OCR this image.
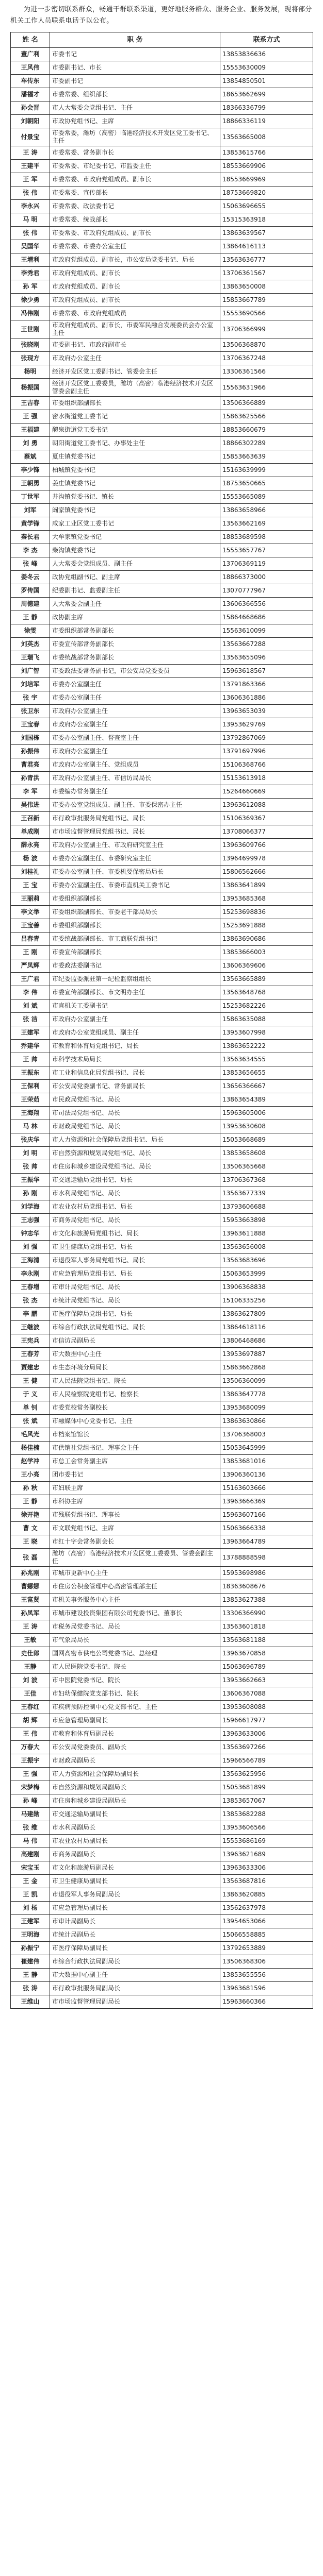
为进一步密切联系群众，畅通干群联系渠道，更好地服务群众、服务企业、服务发展，现将部分机关工作人员联系电话予以公布。

姓 名	职 务	联系方式
董广利	市委书记	13853836636
王风伟	市委副书记、市长	15553630009
车传东	市委副书记	13854850501
潘福才	市委常委、组织部长	18653662699
孙会晋	市人大常委会党组书记、主任	18366336799
刘朝阳	市政协党组书记、主席	18866336119
付景宝	市委常委，潍坊（高密）临港经济技术开发区党工委书记、主任	13563665008
王 涛	市委常委、常务副市长	13853615766
王建平	市委常委、市纪委书记、市监委主任	18553669906
王 军	市委常委、市政府党组成员、副市长	18553669969
张 伟	市委常委、宣传部长	18753669820
李永兴	市委常委、政法委书记	15063696655
马 明	市委常委、统战部长	15315363918
张 伟	市委常委、市政府党组成员、副市长	13863639567
吴国华	市委常委、市委办公室主任	13864616113
王增利	市政府党组成员、副市长，市公安局党委书记、局长	13563636777
李秀君	市政府党组成员、副市长	13706361567
孙 军	市政府党组成员、副市长	13863650008
徐少勇	市政府党组成员、副市长	15853667789
冯伟刚	市委常委、市政府党组成员	15553690566
王世刚	市政府党组成员、副市长，市委军民融合发展委员会办公室主任	13706366999
张晓刚	市委副书记、市政府副市长	13506368870
张现方	市政府办公室主任	13706367248
杨明	经济开发区党工委副书记、管委会主任	13306361566
杨振国	经济开发区党工委委员，潍坊（高密）临港经济技术开发区管委会副主任	15563631966
王吉春	市委组织部副部长	13506366889
王 强	密水街道党工委书记	15863625566
王福建	醴泉街道党工委书记	18853660679
刘 勇	朝阳街道党工委书记、办事处主任	18866302289
蔡斌	夏庄镇党委书记	15853663639
李少锋	柏城镇党委书记	15163639999
王朝勇	姜庄镇党委书记	18753650665
丁世军	井沟镇党委书记、镇长	15553665089
刘军	阚家镇党委书记	13863658966
黄学锋	咸家工业区党工委书记	13563662169
秦长君	大牟家镇党委书记	18853689598
李 杰	柴沟镇党委书记	15553657767
张 峰	人大常委会党组成员、副主任	13706369119
姜冬云	政协党组副书记、副主席	18866373000
罗传国	纪委副书记、监委副主任	13070777967
周德建	人大常委会副主任	13606366556
王 静	政协副主席	15864668686
徐雯	市委组织部常务副部长	15563610099
刘英杰	市委宣传部常务副部长	13563667288
王瑞飞	市委统战部常务副部长	13563655096
刘广智	市委政法委常务副书记，市公安局党委委员	15963618567
刘培军	市委办公室副主任	13791863366
张 宇	市委办公室副主任	13606361886
张卫东	市政府办公室副主任	13963653039
王宝春	市政府办公室副主任	13953629769
刘国栋	市委办公室副主任、督查室主任	13792867069
孙振伟	市政府办公室副主任	13791697996
曹君亮	市政府办公室副主任、党组成员	15106368766
孙青洪	市政府办公室副主任、市信访局局长	15153613918
李 军	市委编办常务副主任	15264660669
吴伟进	市委办公室党组成员、副主任、市委保密办主任	13963612088
王召新	市行政审批服务局党组书记、局长	15106369367
单成刚	市市场监督管理局党组书记、局长	13708066377
薛永亮	市政府办公室副主任、市政府研究室主任	13963609766
杨 波	市委办公室副主任、市委研究室主任	13964699978
刘桂礼	市委办公室副主任、市委机要保密局局长	15806562666
王 宝	市委办公室副主任、市委市直机关工委书记	13863641899
王丽莉	市委组织部副部长	13953685368
李文举	市委组织部副部长、市委老干部局局长	15253698836
王宝善	市委组织部副部长	15253691888
吕春青	市委统战部副部长、市工商联党组书记	13863690686
王 刚	市委宣传部副部长	13853666003
严凤辉	市委政法委副书记	13606369606
王广君	市纪委监委派驻第一纪检监察组组长	13563665889
李 伟	市委宣传部副部长、市文明办主任	13563648768
刘 斌	市直机关工委副书记	15253682226
张 洁	市政府办公室副主任	15863635088
王建军	市政府办公室党组成员、副主任	13953607998
乔建华	市教育和体育局党组书记、局长	13863652222
王 帅	市科学技术局局长	13563634555
王振东	市工业和信息化局党组书记、局长	13853656655
王保利	市公安局党委副书记、常务副局长	13656366667
王荣茹	市民政局党组书记、局长	13863654389
王海翔	市司法局党组书记、局长	15963605006
马 林	市财政局党组书记、局长	13953630608
张庆华	市人力资源和社会保障局党组书记、局长	15053668689
刘 明	市自然资源和规划局党组书记、局长	13853658608
张 帅	市住房和城乡建设局党组书记、局长	13506365668
王振华	市交通运输局党组书记、局长	13706367368
孙 刚	市水利局党组书记、局长	13563677339
刘学海	市农业农村局党组书记、局长	13793606688
王志强	市商务局党组书记、局长	15953663898
钟志华	市文化和旅游局党组书记、局长	13963611888
刘 强	市卫生健康局党组书记、局长	13563656008
王海清	市退役军人事务局党组书记、局长	13563683696
李永刚	市应急管理局党组书记、局长	15063653999
王春增	市审计局党组书记、局长	13906368838
张 杰	市统计局党组书记、局长	15106335256
李 鹏	市医疗保障局党组书记、局长	13863627809
王继波	市综合行政执法局党组书记、局长	13864618116
王宪兵	市信访局副局长	13806468686
王春芳	市大数据中心主任	13953697887
贾建忠	市生态环境分局局长	15863662868
王 健	市人民法院党组书记、院长	13506360099
于 义	市人民检察院党组书记、检察长	13863647778
单 钊	市委党校常务副校长	13953680099
张 斌	市融媒体中心党委书记、主任	13863630866
毛风光	市档案馆馆长	13706368003
杨佳楠	市供销社党组书记、理事会主任	15053645999
赵学冲	市总工会常务副主席	13853681016
王小亮	团市委书记	13906360136
孙 秋	市妇联主席	15163603666
王 静	市科协主席	13963666369
徐开艳	市残联党组书记、理事长	15963607166
曹 文	市文联党组书记、主席	15063666338
王 晓	市红十字会常务副会长	13963664789
张 磊	潍坊（高密）临港经济技术开发区党工委委员、管委会副主任	13788888598
孙兆刚	市城市更新中心主任	15953698986
曹娜娜	市住房公积金管理中心高密管理部主任	18363608676
王富贤	市机关事务服务中心主任	13853627388
孙凤军	市城市建设投资集团有限公司党委书记、董事长	13306366990
王 涛	市税务局党委书记、局长	13563601818
王敏	市气象局局长	13563681188
史仕郎	国网高密市供电公司党委书记、总经理	13963670858
王静	市人民医院党委书记、院长	15063696789
刘 波	市中医院党委书记、院长	13953662663
王佳	市妇幼保健院党支部书记、院长	13606367088
王春红	市疾病预防控制中心党支部书记、主任	13953608088
胡 辉	市应急管理局副局长	15966617977
王 伟	市教育和体育局副局长	13963633006
万春大	市公安局党委委员、副局长	13563697266
王振宇	市财政局副局长	15966566789
王 强	市人力资源和社会保障局副局长	13563625956
宋梦梅	市自然资源和规划局副局长	15053681899
孙 峰	市住房和城乡建设局副局长	13853657067
马建勋	市交通运输局副局长	13853682288
张 维	市水利局副局长	13953606566
马 伟	市农业农村局副局长	15553686169
高建刚	市商务局副局长	13963621689
宋宝玉	市文化和旅游局副局长	13963633306
王 金	市卫生健康局副局长	13563687816
王 凯	市退役军人事务局副局长	13863620885
刘 杨	市应急管理局副局长	13562637978
王建军	市审计局副局长	13954653066
王明海	市统计局副局长	15066558885
孙振宁	市医疗保障局副局长	13792653889
崔建伟	市综合行政执法局副局长	13506368306
王 静	市大数据中心副主任	13853655556
张 涛	市行政审批服务局副局长	13963681596
王维山	市市场监督管理局副局长	15963660366
